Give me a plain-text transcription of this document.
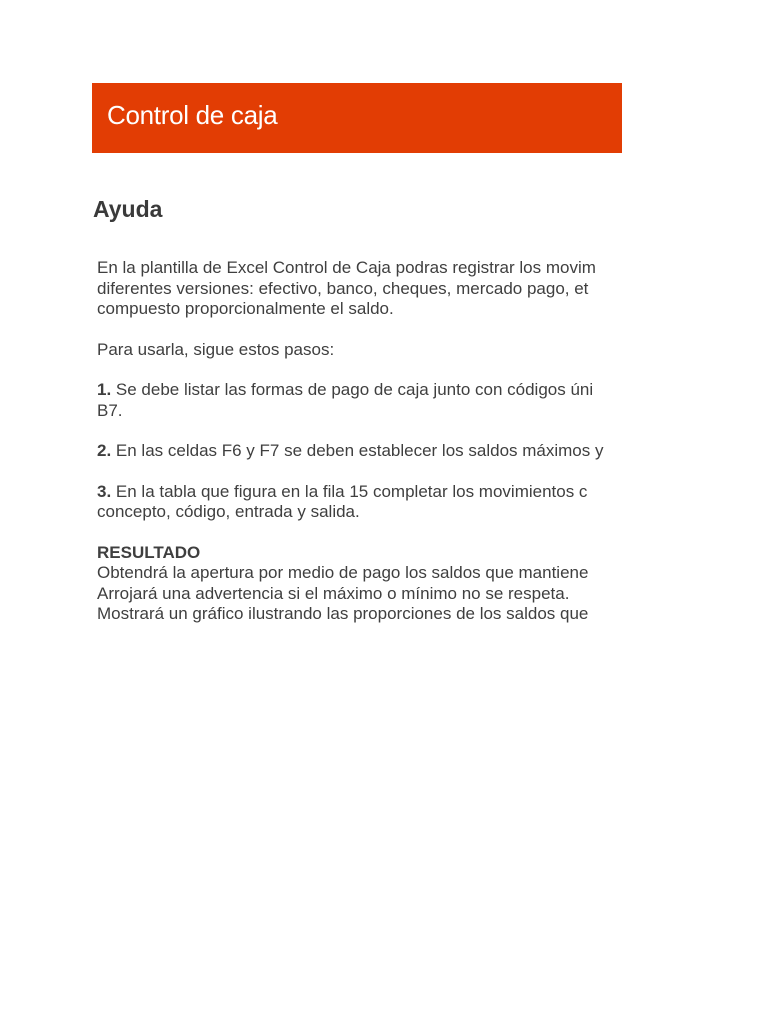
Control de caja
Ayuda
En la plantilla de Excel Control de Caja podras registrar los movim
diferentes versiones: efectivo, banco, cheques, mercado pago, et
compuesto proporcionalmente el saldo.
Para usarla, sigue estos pasos:
1. Se debe listar las formas de pago de caja junto con códigos úni
B7.
2. En las celdas F6 y F7 se deben establecer los saldos máximos y
3. En la tabla que figura en la fila 15 completar los movimientos c
concepto, código, entrada y salida.
RESULTADO
Obtendrá la apertura por medio de pago los saldos que mantiene
Arrojará una advertencia si el máximo o mínimo no se respeta.
Mostrará un gráfico ilustrando las proporciones de los saldos que
